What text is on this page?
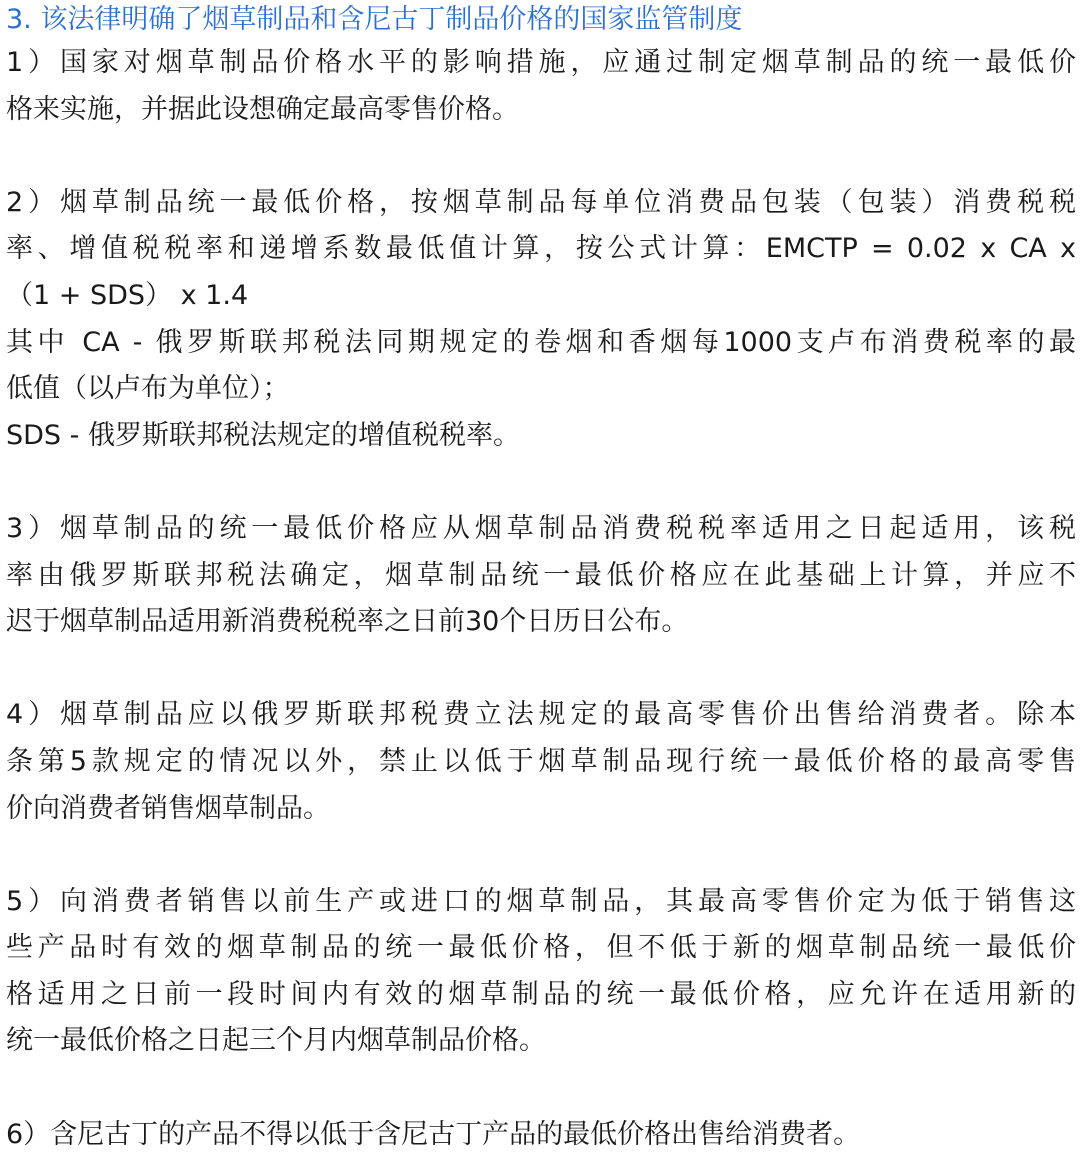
3. 该法律明确了烟草制品和含尼古丁制品价格的国家监管制度

1）国家对烟草制品价格水平的影响措施，应通过制定烟草制品的统一最低价
格来实施，并据此设想确定最高零售价格。

2）烟草制品统一最低价格，按烟草制品每单位消费品包装（包装）消费税税
率、增值税税率和递增系数最低值计算，按公式计算：EMCTP = 0.02 x CA x
（1 + SDS） x 1.4
其中 CA - 俄罗斯联邦税法同期规定的卷烟和香烟每1000支卢布消费税率的最
低值（以卢布为单位）；
SDS - 俄罗斯联邦税法规定的增值税税率。

3）烟草制品的统一最低价格应从烟草制品消费税税率适用之日起适用，该税
率由俄罗斯联邦税法确定，烟草制品统一最低价格应在此基础上计算，并应不
迟于烟草制品适用新消费税税率之日前30个日历日公布。

4）烟草制品应以俄罗斯联邦税费立法规定的最高零售价出售给消费者。除本
条第5款规定的情况以外，禁止以低于烟草制品现行统一最低价格的最高零售
价向消费者销售烟草制品。

5）向消费者销售以前生产或进口的烟草制品，其最高零售价定为低于销售这
些产品时有效的烟草制品的统一最低价格，但不低于新的烟草制品统一最低价
格适用之日前一段时间内有效的烟草制品的统一最低价格，应允许在适用新的
统一最低价格之日起三个月内烟草制品价格。

6）含尼古丁的产品不得以低于含尼古丁产品的最低价格出售给消费者。
